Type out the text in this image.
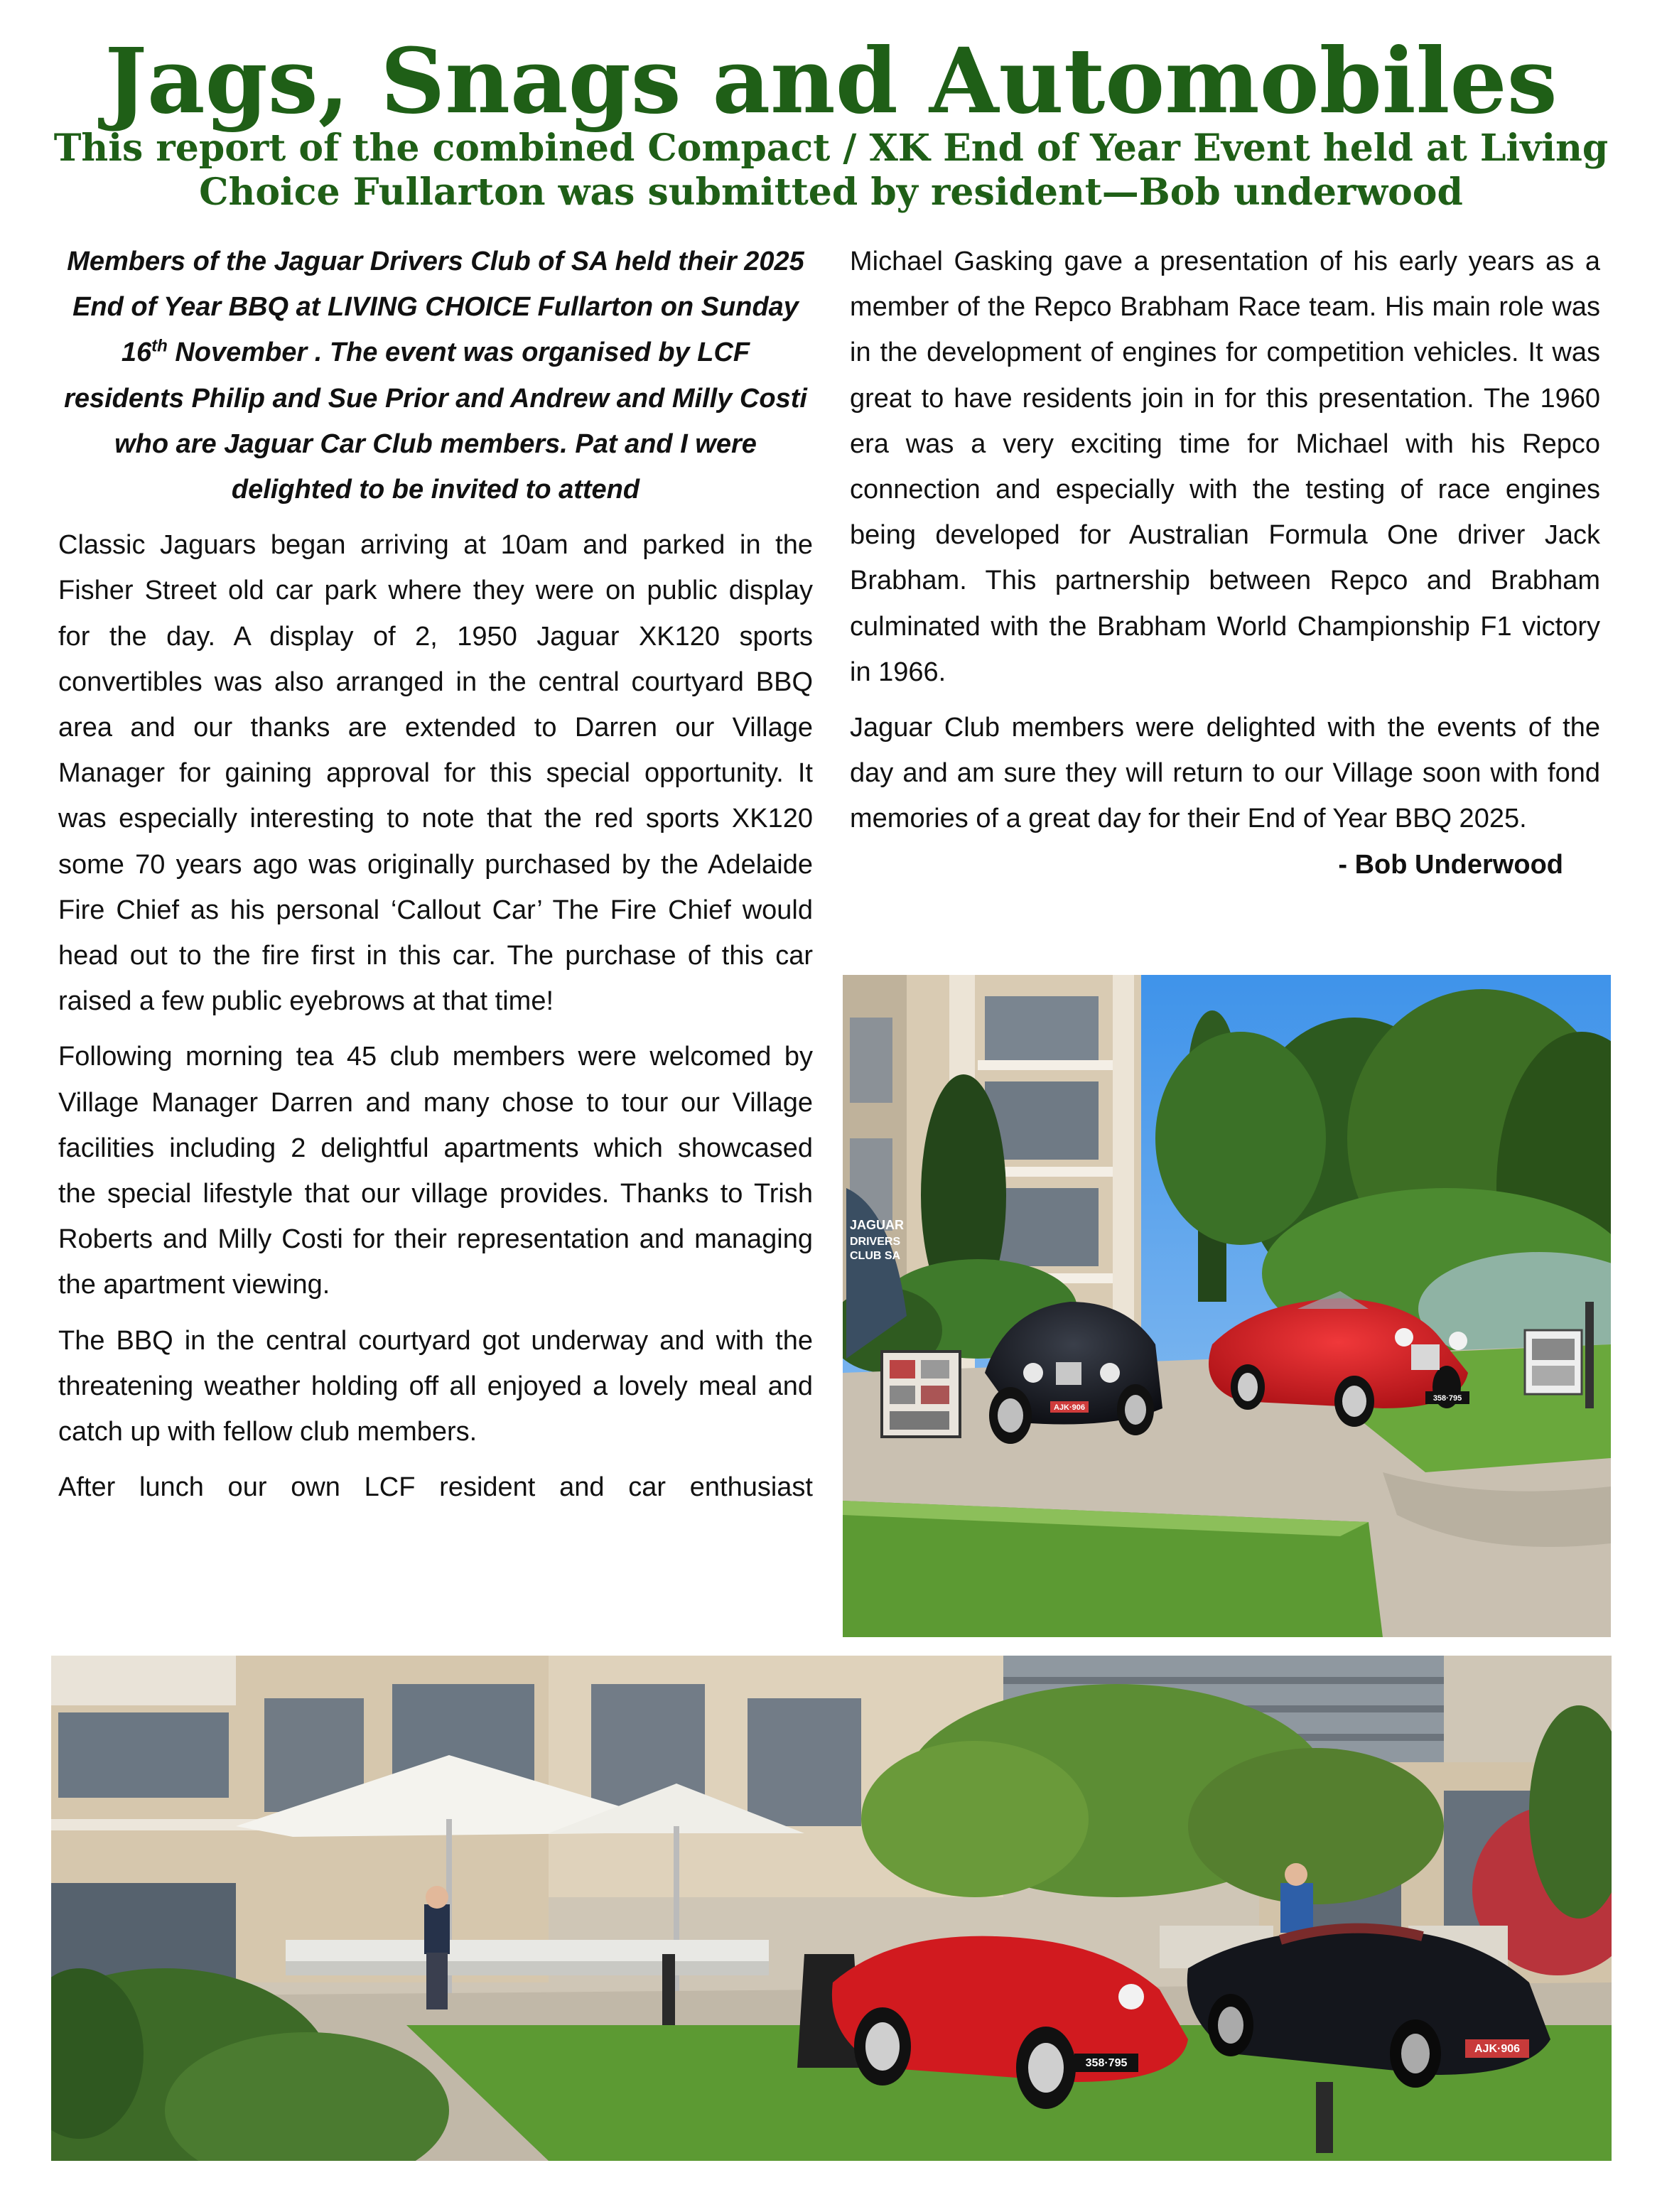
Jags, Snags and Automobiles
This report of the combined Compact / XK End of Year Event held at Living Choice Fullarton was submitted by resident—Bob underwood

Members of the Jaguar Drivers Club of SA held their 2025 End of Year BBQ at LIVING CHOICE Fullarton on Sunday 16th November . The event was organised by LCF residents Philip and Sue Prior and Andrew and Milly Costi who are Jaguar Car Club members. Pat and I were delighted to be invited to attend

Classic Jaguars began arriving at 10am and parked in the Fisher Street old car park where they were on public display for the day. A display of 2, 1950 Jaguar XK120 sports convertibles was also arranged in the central courtyard BBQ area and our thanks are extended to Darren our Village Manager for gaining approval for this special opportunity. It was especially interesting to note that the red sports XK120 some 70 years ago was originally purchased by the Adelaide Fire Chief as his personal ‘Callout Car’ The Fire Chief would head out to the fire first in this car. The purchase of this car raised a few public eyebrows at that time!

Following morning tea 45 club members were welcomed by Village Manager Darren and many chose to tour our Village facilities including 2 delightful apartments which showcased the special lifestyle that our village provides. Thanks to Trish Roberts and Milly Costi for their representation and managing the apartment viewing.

The BBQ in the central courtyard got underway and with the threatening weather holding off all enjoyed a lovely meal and catch up with fellow club members.

After lunch our own LCF resident and car enthusiast

Michael Gasking gave a presentation of his early years as a member of the Repco Brabham Race team. His main role was in the development of engines for competition vehicles. It was great to have residents join in for this presentation. The 1960 era was a very exciting time for Michael with his Repco connection and especially with the testing of race engines being developed for Australian Formula One driver Jack Brabham. This partnership between Repco and Brabham culminated with the Brabham World Championship F1 victory in 1966.

Jaguar Club members were delighted with the events of the day and am sure they will return to our Village soon with fond memories of a great day for their End of Year BBQ 2025.
- Bob Underwood

JAGUAR
DRIVERS
CLUB SA
AJK·906
358·795
358·795
AJK·906
